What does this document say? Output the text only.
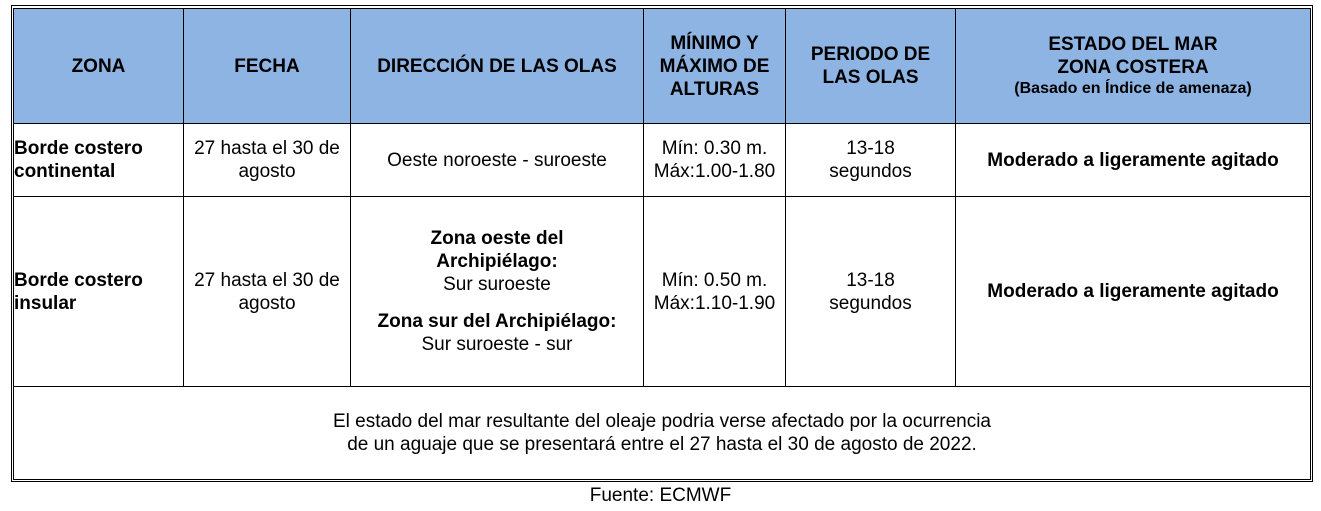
ZONA	FECHA	DIRECCIÓN DE LAS OLAS	MÍNIMO Y
MÁXIMO DE
ALTURAS	PERIODO DE
LAS OLAS	ESTADO DEL MAR
ZONA COSTERA
(Basado en Índice de amenaza)

Borde costero
continental	27 hasta el 30 de
agosto	Oeste noroeste - suroeste	Mín: 0.30 m.
Máx:1.00-1.80	13-18
segundos	Moderado a ligeramente agitado

Borde costero
insular	27 hasta el 30 de
agosto	Zona oeste del
Archipiélago:
Sur suroeste
Zona sur del Archipiélago:
Sur suroeste - sur	Mín: 0.50 m.
Máx:1.10-1.90	13-18
segundos	Moderado a ligeramente agitado

El estado del mar resultante del oleaje podria verse afectado por la ocurrencia
de un aguaje que se presentará entre el 27 hasta el 30 de agosto de 2022.					
Fuente: ECMWF
